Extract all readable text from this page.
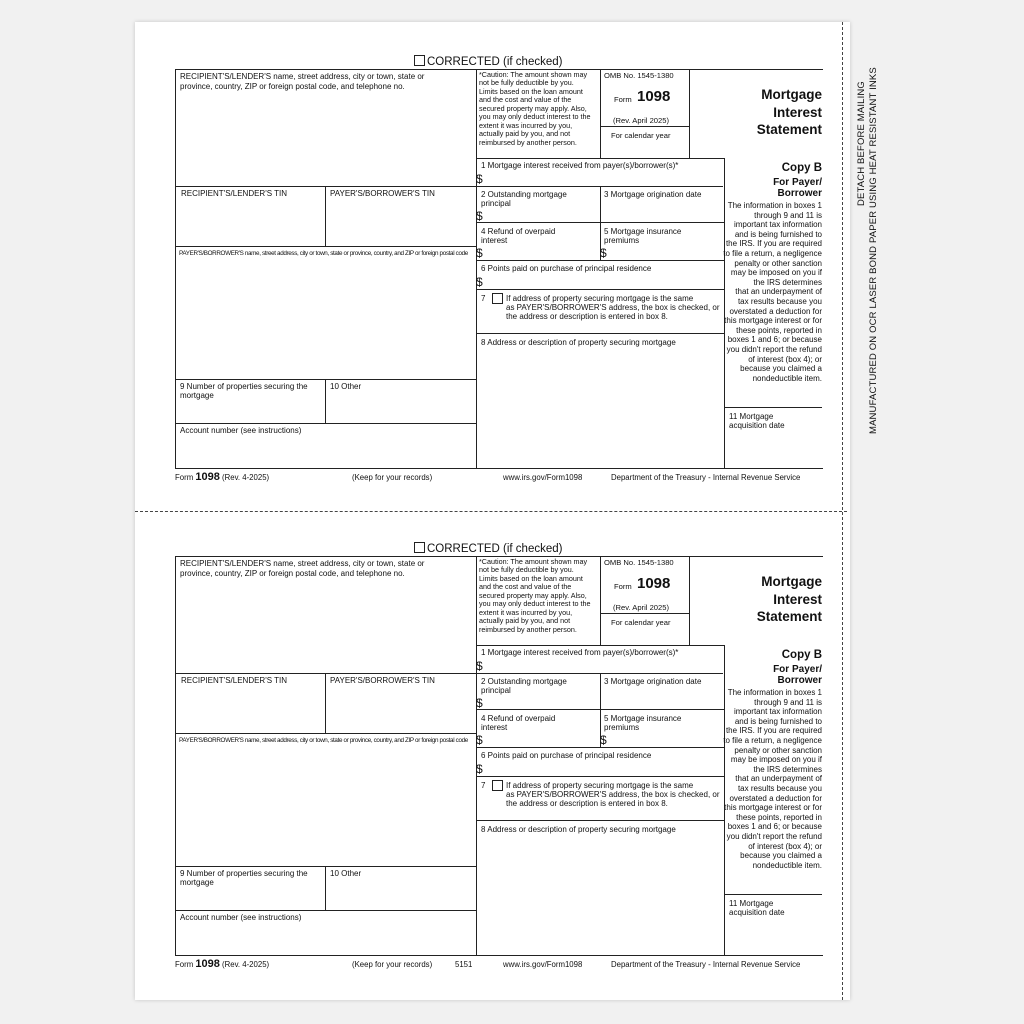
DETACH BEFORE MAILING MANUFACTURED ON OCR LASER BOND PAPER USING HEAT RESISTANT INKS
CORRECTED (if checked)
RECIPIENT'S/LENDER'S name, street address, city or town, state or
province, country, ZIP or foreign postal code, and telephone no.
*Caution: The amount shown may
not be fully deductible by you.
Limits based on the loan amount
and the cost and value of the
secured property may apply. Also,
you may only deduct interest to the
extent it was incurred by you,
actually paid by you, and not
reimbursed by another person.
OMB No. 1545-1380
Form 1098
(Rev. April 2025)
For calendar year
Mortgage
Interest
Statement
Copy B
For Payer/
Borrower
The information in boxes 1
through 9 and 11 is
important tax information
and is being furnished to
the IRS. If you are required
to file a return, a negligence
penalty or other sanction
may be imposed on you if
the IRS determines
that an underpayment of
tax results because you
overstated a deduction for
this mortgage interest or for
these points, reported in
boxes 1 and 6; or because
you didn't report the refund
of interest (box 4); or
because you claimed a
nondeductible item.
RECIPIENT'S/LENDER'S TIN	PAYER'S/BORROWER'S TIN
PAYER'S/BORROWER'S name, street address, city or town, state or province, country, and ZIP or foreign postal code
9 Number of properties securing the
mortgage
10 Other
Account number (see instructions)
1 Mortgage interest received from payer(s)/borrower(s)*
$
2 Outstanding mortgage
principal
$
3 Mortgage origination date
4 Refund of overpaid
interest
$
5 Mortgage insurance
premiums
$
6 Points paid on purchase of principal residence
$
7	If address of property securing mortgage is the same
as PAYER'S/BORROWER'S address, the box is checked, or
the address or description is entered in box 8.
8 Address or description of property securing mortgage
11 Mortgage
acquisition date
Form 1098 (Rev. 4-2025)	(Keep for your records)	www.irs.gov/Form1098	Department of the Treasury - Internal Revenue Service
CORRECTED (if checked)
RECIPIENT'S/LENDER'S name, street address, city or town, state or
province, country, ZIP or foreign postal code, and telephone no.
*Caution: The amount shown may
not be fully deductible by you.
Limits based on the loan amount
and the cost and value of the
secured property may apply. Also,
you may only deduct interest to the
extent it was incurred by you,
actually paid by you, and not
reimbursed by another person.
OMB No. 1545-1380
Form 1098
(Rev. April 2025)
For calendar year
Mortgage
Interest
Statement
Copy B
For Payer/
Borrower
The information in boxes 1
through 9 and 11 is
important tax information
and is being furnished to
the IRS. If you are required
to file a return, a negligence
penalty or other sanction
may be imposed on you if
the IRS determines
that an underpayment of
tax results because you
overstated a deduction for
this mortgage interest or for
these points, reported in
boxes 1 and 6; or because
you didn't report the refund
of interest (box 4); or
because you claimed a
nondeductible item.
RECIPIENT'S/LENDER'S TIN	PAYER'S/BORROWER'S TIN
PAYER'S/BORROWER'S name, street address, city or town, state or province, country, and ZIP or foreign postal code
9 Number of properties securing the
mortgage
10 Other
Account number (see instructions)
1 Mortgage interest received from payer(s)/borrower(s)*
$
2 Outstanding mortgage
principal
$
3 Mortgage origination date
4 Refund of overpaid
interest
$
5 Mortgage insurance
premiums
$
6 Points paid on purchase of principal residence
$
7	If address of property securing mortgage is the same
as PAYER'S/BORROWER'S address, the box is checked, or
the address or description is entered in box 8.
8 Address or description of property securing mortgage
11 Mortgage
acquisition date
Form 1098 (Rev. 4-2025)	(Keep for your records)	5151	www.irs.gov/Form1098	Department of the Treasury - Internal Revenue Service
